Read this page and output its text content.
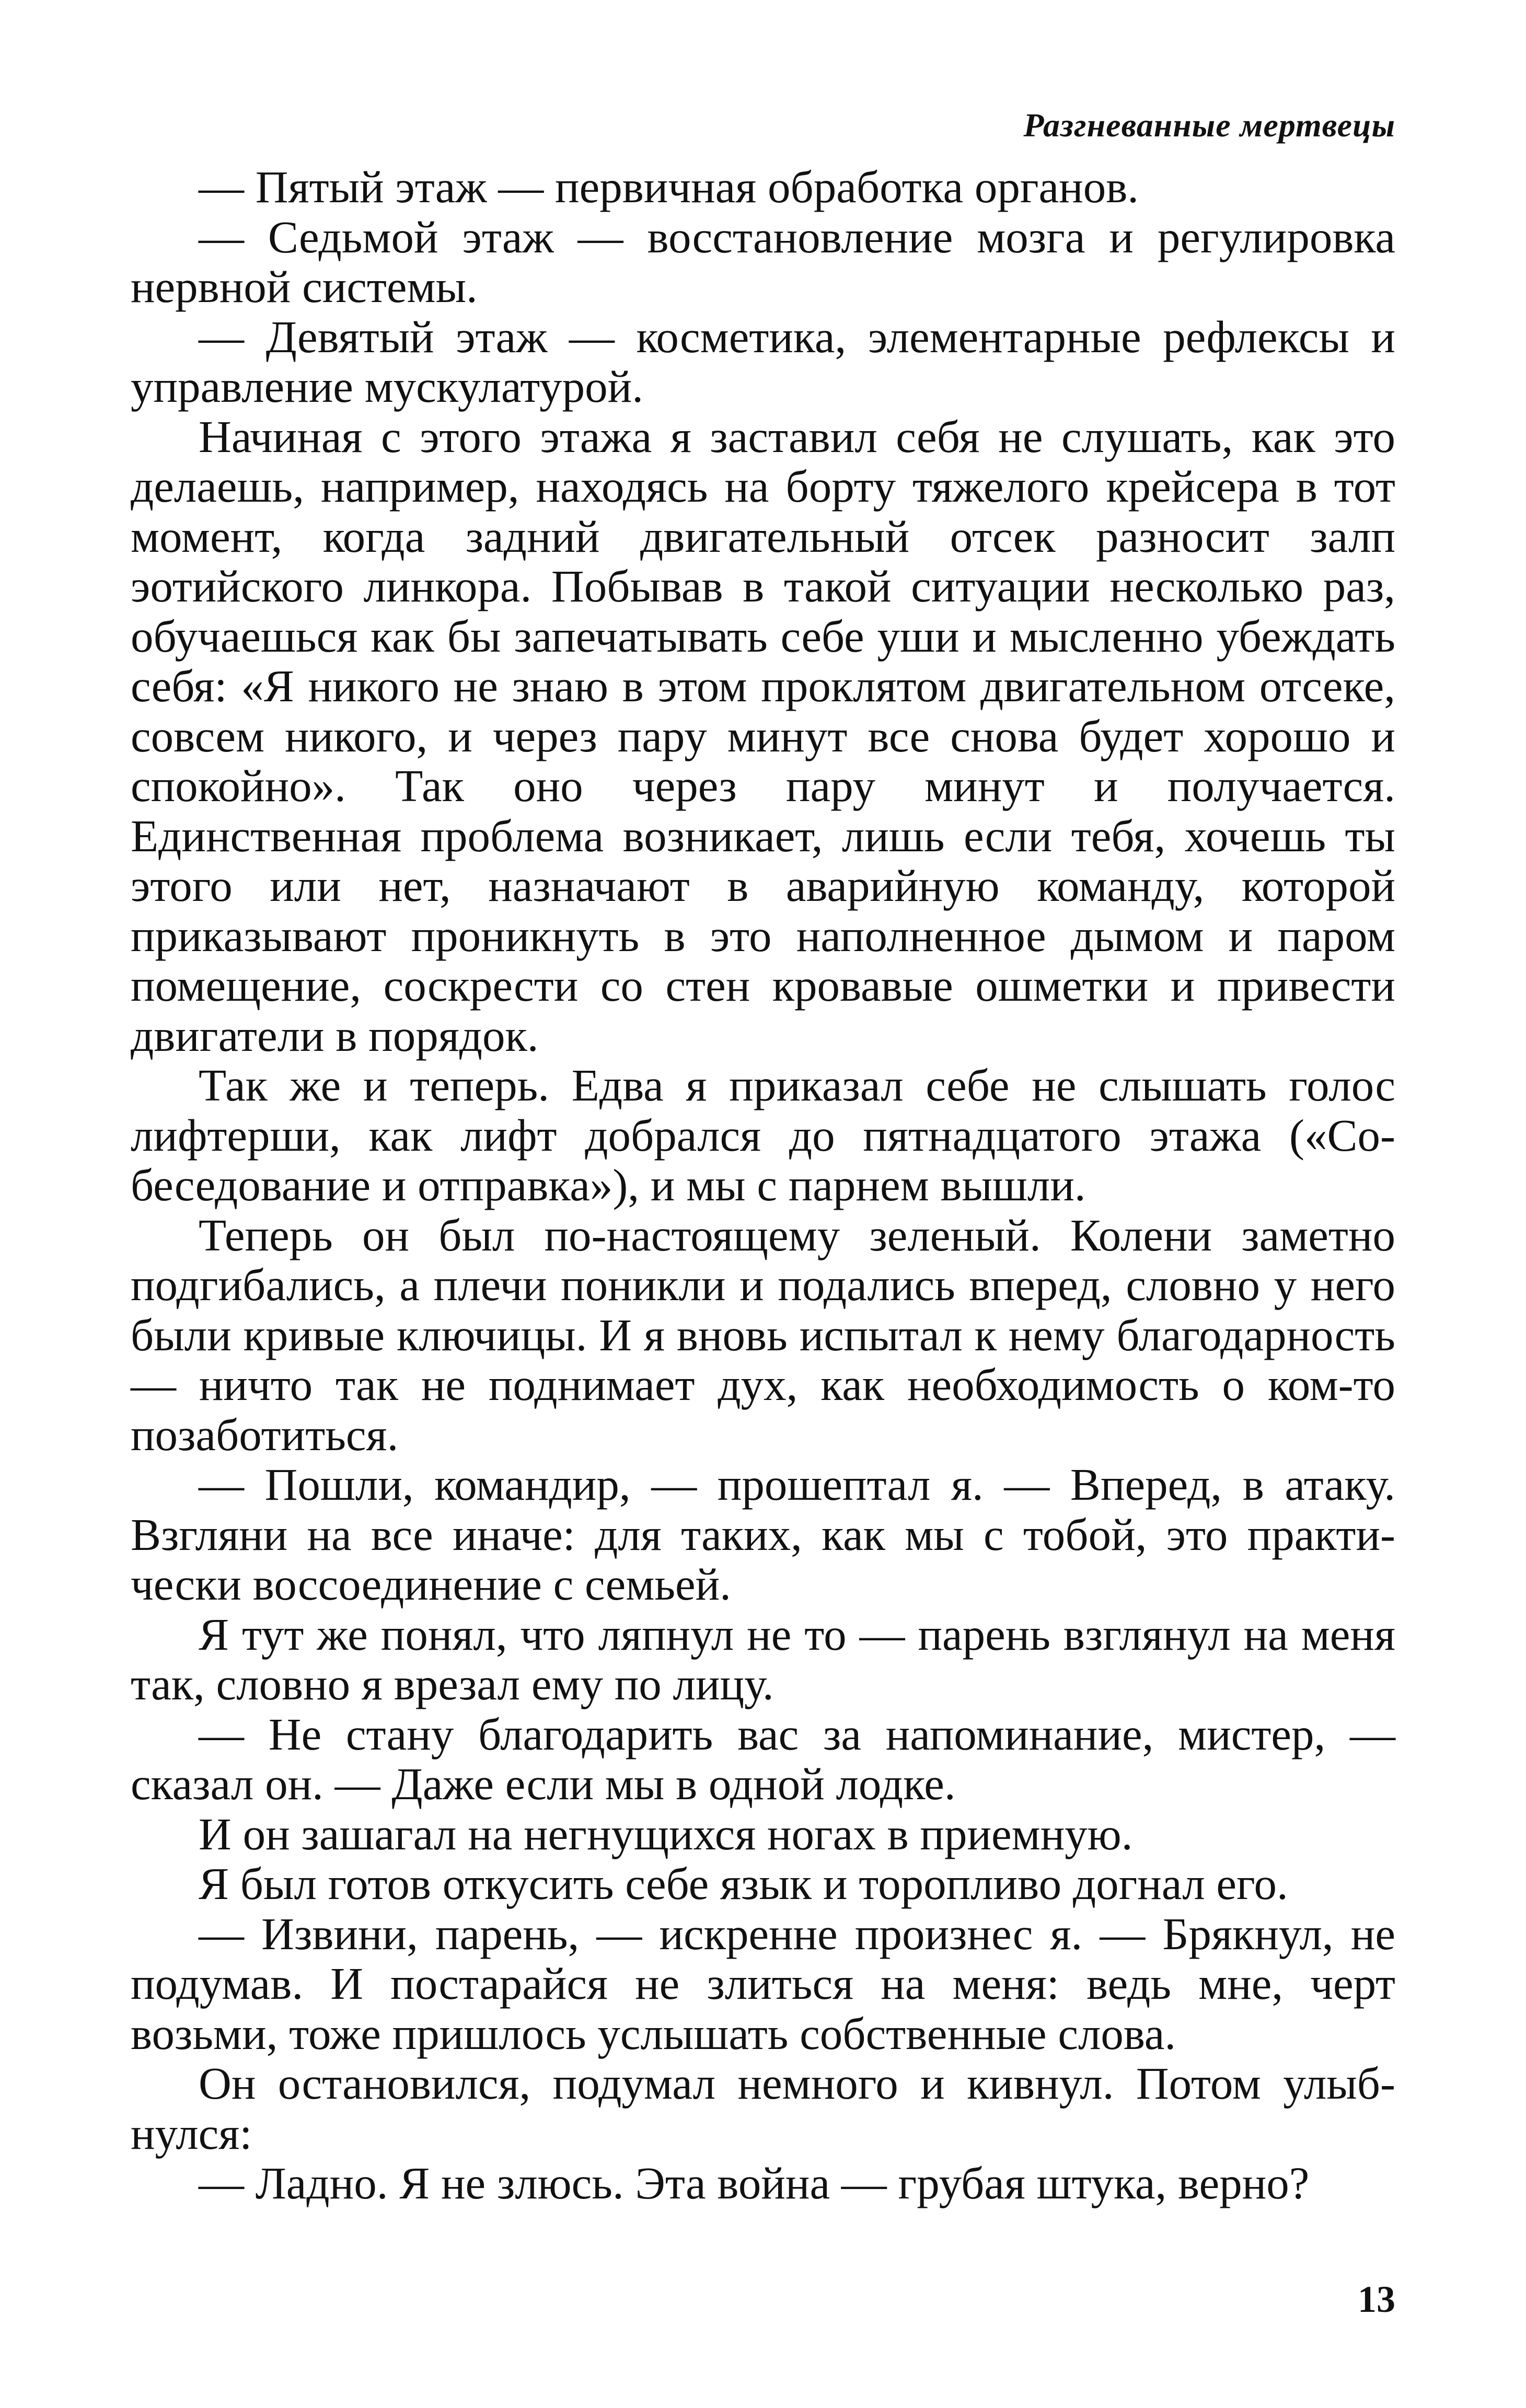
Разгневанные мертвецы

— Пятый этаж — первичная обработка органов.

— Седьмой этаж — восстановление мозга и регулировка нервной системы.

— Девятый этаж — косметика, элементарные рефлексы и управление мускулатурой.

Начиная с этого этажа я заставил себя не слушать, как это делаешь, например, находясь на борту тяжелого крейсера в тот момент, когда задний двигательный отсек разносит залп эотийского линкора. Побывав в такой ситуации несколько раз, обучаешься как бы запечатывать себе уши и мысленно убеждать себя: «Я никого не знаю в этом проклятом двигательном отсеке, совсем никого, и через пару минут все снова будет хорошо и спокойно». Так оно через пару минут и получается. Единственная проблема возникает, лишь если тебя, хочешь ты этого или нет, назначают в аварийную команду, которой приказывают проникнуть в это наполненное дымом и паром помещение, соскрести со стен кровавые ошметки и привести двигатели в порядок.

Так же и теперь. Едва я приказал себе не слышать голос лифтерши, как лифт добрался до пятнадцатого этажа («Собеседование и отправка»), и мы с парнем вышли.

Теперь он был по-настоящему зеленый. Колени заметно подгибались, а плечи поникли и подались вперед, словно у него были кривые ключицы. И я вновь испытал к нему благодарность — ничто так не поднимает дух, как необходимость о ком-то позаботиться.

— Пошли, командир, — прошептал я. — Вперед, в атаку. Взгляни на все иначе: для таких, как мы с тобой, это практически воссоединение с семьей.

Я тут же понял, что ляпнул не то — парень взглянул на меня так, словно я врезал ему по лицу.

— Не стану благодарить вас за напоминание, мистер, — сказал он. — Даже если мы в одной лодке.

И он зашагал на негнущихся ногах в приемную.

Я был готов откусить себе язык и торопливо догнал его.

— Извини, парень, — искренне произнес я. — Брякнул, не подумав. И постарайся не злиться на меня: ведь мне, черт возьми, тоже пришлось услышать собственные слова.

Он остановился, подумал немного и кивнул. Потом улыбнулся:

— Ладно. Я не злюсь. Эта война — грубая штука, верно?

13
